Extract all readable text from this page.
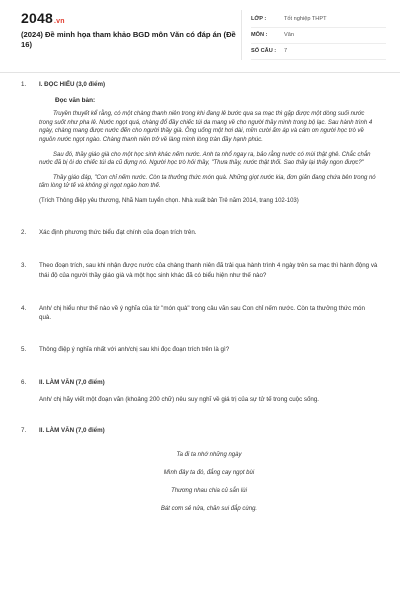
2048.vn
(2024) Đề minh họa tham khảo BGD môn Văn có đáp án (Đề 16)
LỚP :	Tốt nghiệp THPT
MÔN :	Văn
SỐ CÂU : 7
1. I. ĐỌC HIỂU (3,0 điểm)
Đọc văn bản:
Truyền thuyết kể rằng, có một chàng thanh niên trong khi đang lê bước qua sa mạc thì gặp được một dòng suối nước trong suốt như pha lê. Nước ngọt quá, chàng đổ đầy chiếc túi da mang về cho người thầy mình trong bộ lạc. Sau hành trình 4 ngày, chàng mang được nước đến cho người thầy già. Ông uống một hơi dài, mỉm cười ấm áp và cám ơn người học trò về nguồn nước ngọt ngào. Chàng thanh niên trở về làng mình lòng tràn đầy hạnh phúc.
Sau đó, thầy giáo già cho một học sinh khác nếm nước. Anh ta nhổ ngay ra, bảo rằng nước có mùi thật ghê. Chắc chắn nước đã bị ôi do chiếc túi da cũ đựng nó. Người học trò hỏi thầy, "Thưa thầy, nước thật thối. Sao thầy lại thấy ngon được?"
Thầy giáo đáp, "Con chỉ nếm nước. Còn ta thưởng thức món quà. Những giọt nước kia, đơn giản đang chứa bên trong nó tấm lòng tử tế và không gì ngọt ngào hơn thế.
(Trích Thông điệp yêu thương, Nhã Nam tuyển chọn. Nhà xuất bản Trẻ năm 2014, trang 102-103)
2. Xác định phương thức biểu đạt chính của đoạn trích trên.
3. Theo đoạn trích, sau khi nhận được nước của chàng thanh niên đã trải qua hành trình 4 ngày trên sa mạc thì hành động và thái độ của người thầy giáo già và một học sinh khác đã có biểu hiện như thế nào?
4. Anh/ chị hiểu như thế nào về ý nghĩa của từ "món quà" trong câu văn sau Con chỉ nếm nước. Còn ta thưởng thức món quà.
5. Thông điệp ý nghĩa nhất với anh/chị sau khi đọc đoạn trích trên là gì?
6. II. LÀM VĂN (7,0 điểm)
Anh/ chị hãy viết một đoạn văn (khoảng 200 chữ) nêu suy nghĩ về giá trị của sự tử tế trong cuộc sống.
7. II. LÀM VĂN (7,0 điểm)
Ta đi ta nhớ những ngày
Mình đây ta đó, đắng cay ngọt bùi
Thương nhau chia củ sắn lùi
Bát cơm sẻ nửa, chăn sui đắp cùng.
